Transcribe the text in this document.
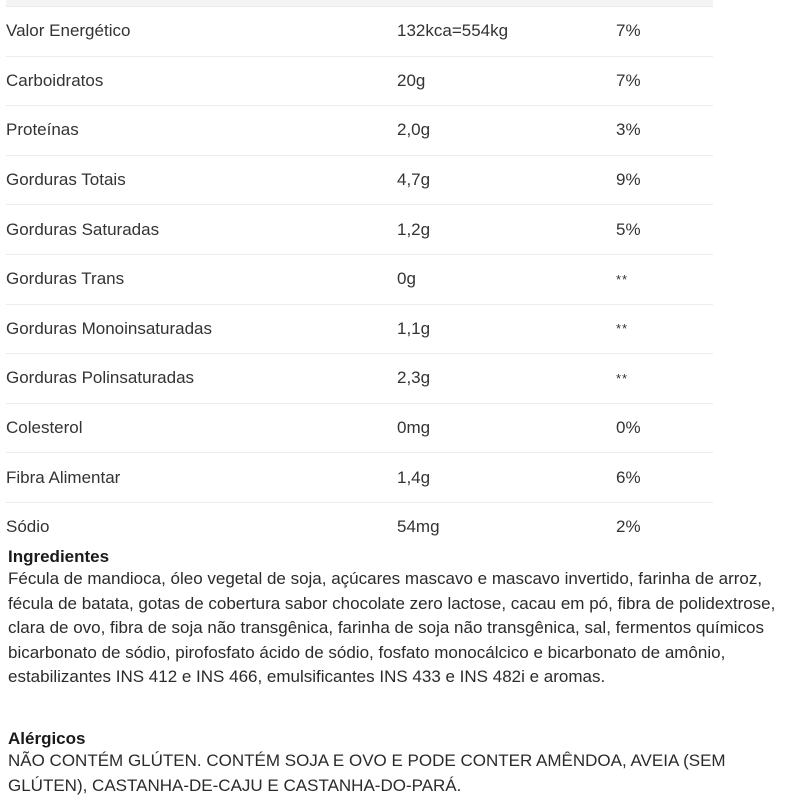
Valor Energético	132kca=554kg	7%
Carboidratos	20g	7%
Proteínas	2,0g	3%
Gorduras Totais	4,7g	9%
Gorduras Saturadas	1,2g	5%
Gorduras Trans	0g	**
Gorduras Monoinsaturadas	1,1g	**
Gorduras Polinsaturadas	2,3g	**
Colesterol	0mg	0%
Fibra Alimentar	1,4g	6%
Sódio	54mg	2%
Ingredientes

Fécula de mandioca, óleo vegetal de soja, açúcares mascavo e mascavo invertido, farinha de arroz, fécula de batata, gotas de cobertura sabor chocolate zero lactose, cacau em pó, fibra de polidextrose, clara de ovo, fibra de soja não transgênica, farinha de soja não transgênica, sal, fermentos químicos bicarbonato de sódio, pirofosfato ácido de sódio, fosfato monocálcico e bicarbonato de amônio, estabilizantes INS 412 e INS 466, emulsificantes INS 433 e INS 482i e aromas.

Alérgicos

NÃO CONTÉM GLÚTEN. CONTÉM SOJA E OVO E PODE CONTER AMÊNDOA, AVEIA (SEM GLÚTEN), CASTANHA-DE-CAJU E CASTANHA-DO-PARÁ.
